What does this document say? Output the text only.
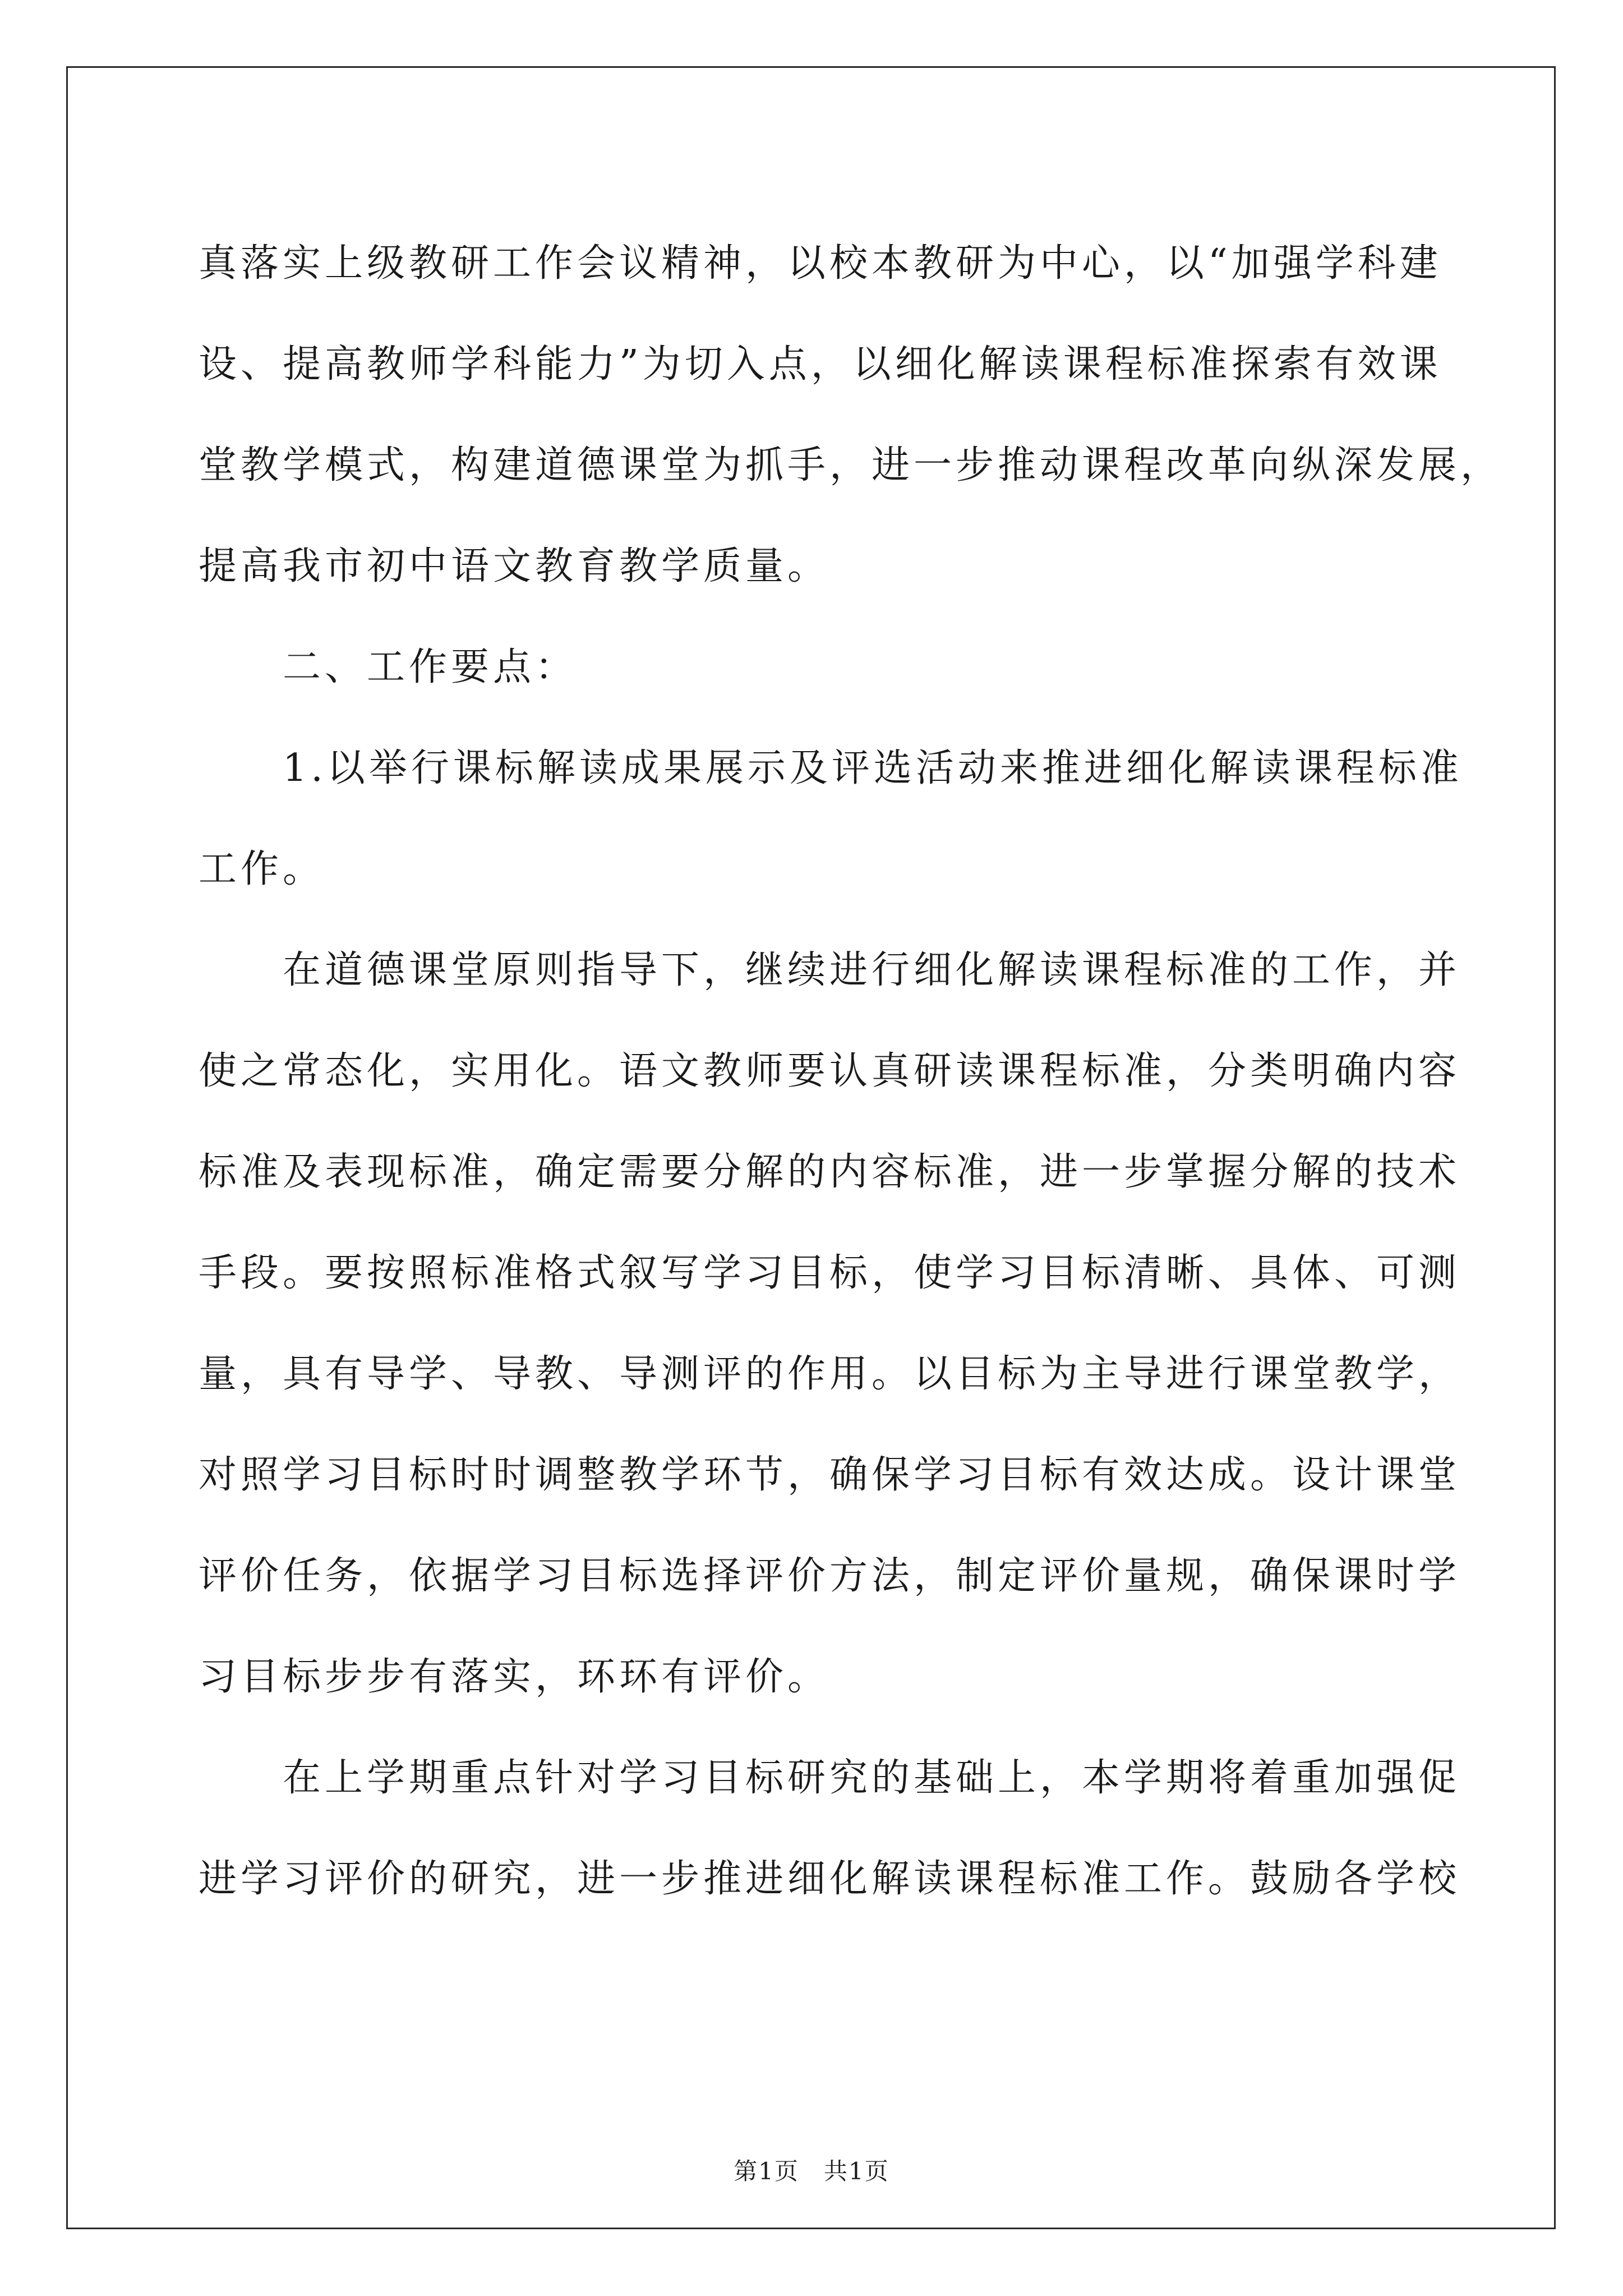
真落实上级教研工作会议精神，以校本教研为中心，以“加强学科建
设、提高教师学科能力”为切入点，以细化解读课程标准探索有效课
堂教学模式，构建道德课堂为抓手，进一步推动课程改革向纵深发展，
提高我市初中语文教育教学质量。
　　二、工作要点：
　　1.以举行课标解读成果展示及评选活动来推进细化解读课程标准
工作。
　　在道德课堂原则指导下，继续进行细化解读课程标准的工作，并
使之常态化，实用化。语文教师要认真研读课程标准，分类明确内容
标准及表现标准，确定需要分解的内容标准，进一步掌握分解的技术
手段。要按照标准格式叙写学习目标，使学习目标清晰、具体、可测
量，具有导学、导教、导测评的作用。以目标为主导进行课堂教学，
对照学习目标时时调整教学环节，确保学习目标有效达成。设计课堂
评价任务，依据学习目标选择评价方法，制定评价量规，确保课时学
习目标步步有落实，环环有评价。
　　在上学期重点针对学习目标研究的基础上，本学期将着重加强促
进学习评价的研究，进一步推进细化解读课程标准工作。鼓励各学校
第1页　共1页
